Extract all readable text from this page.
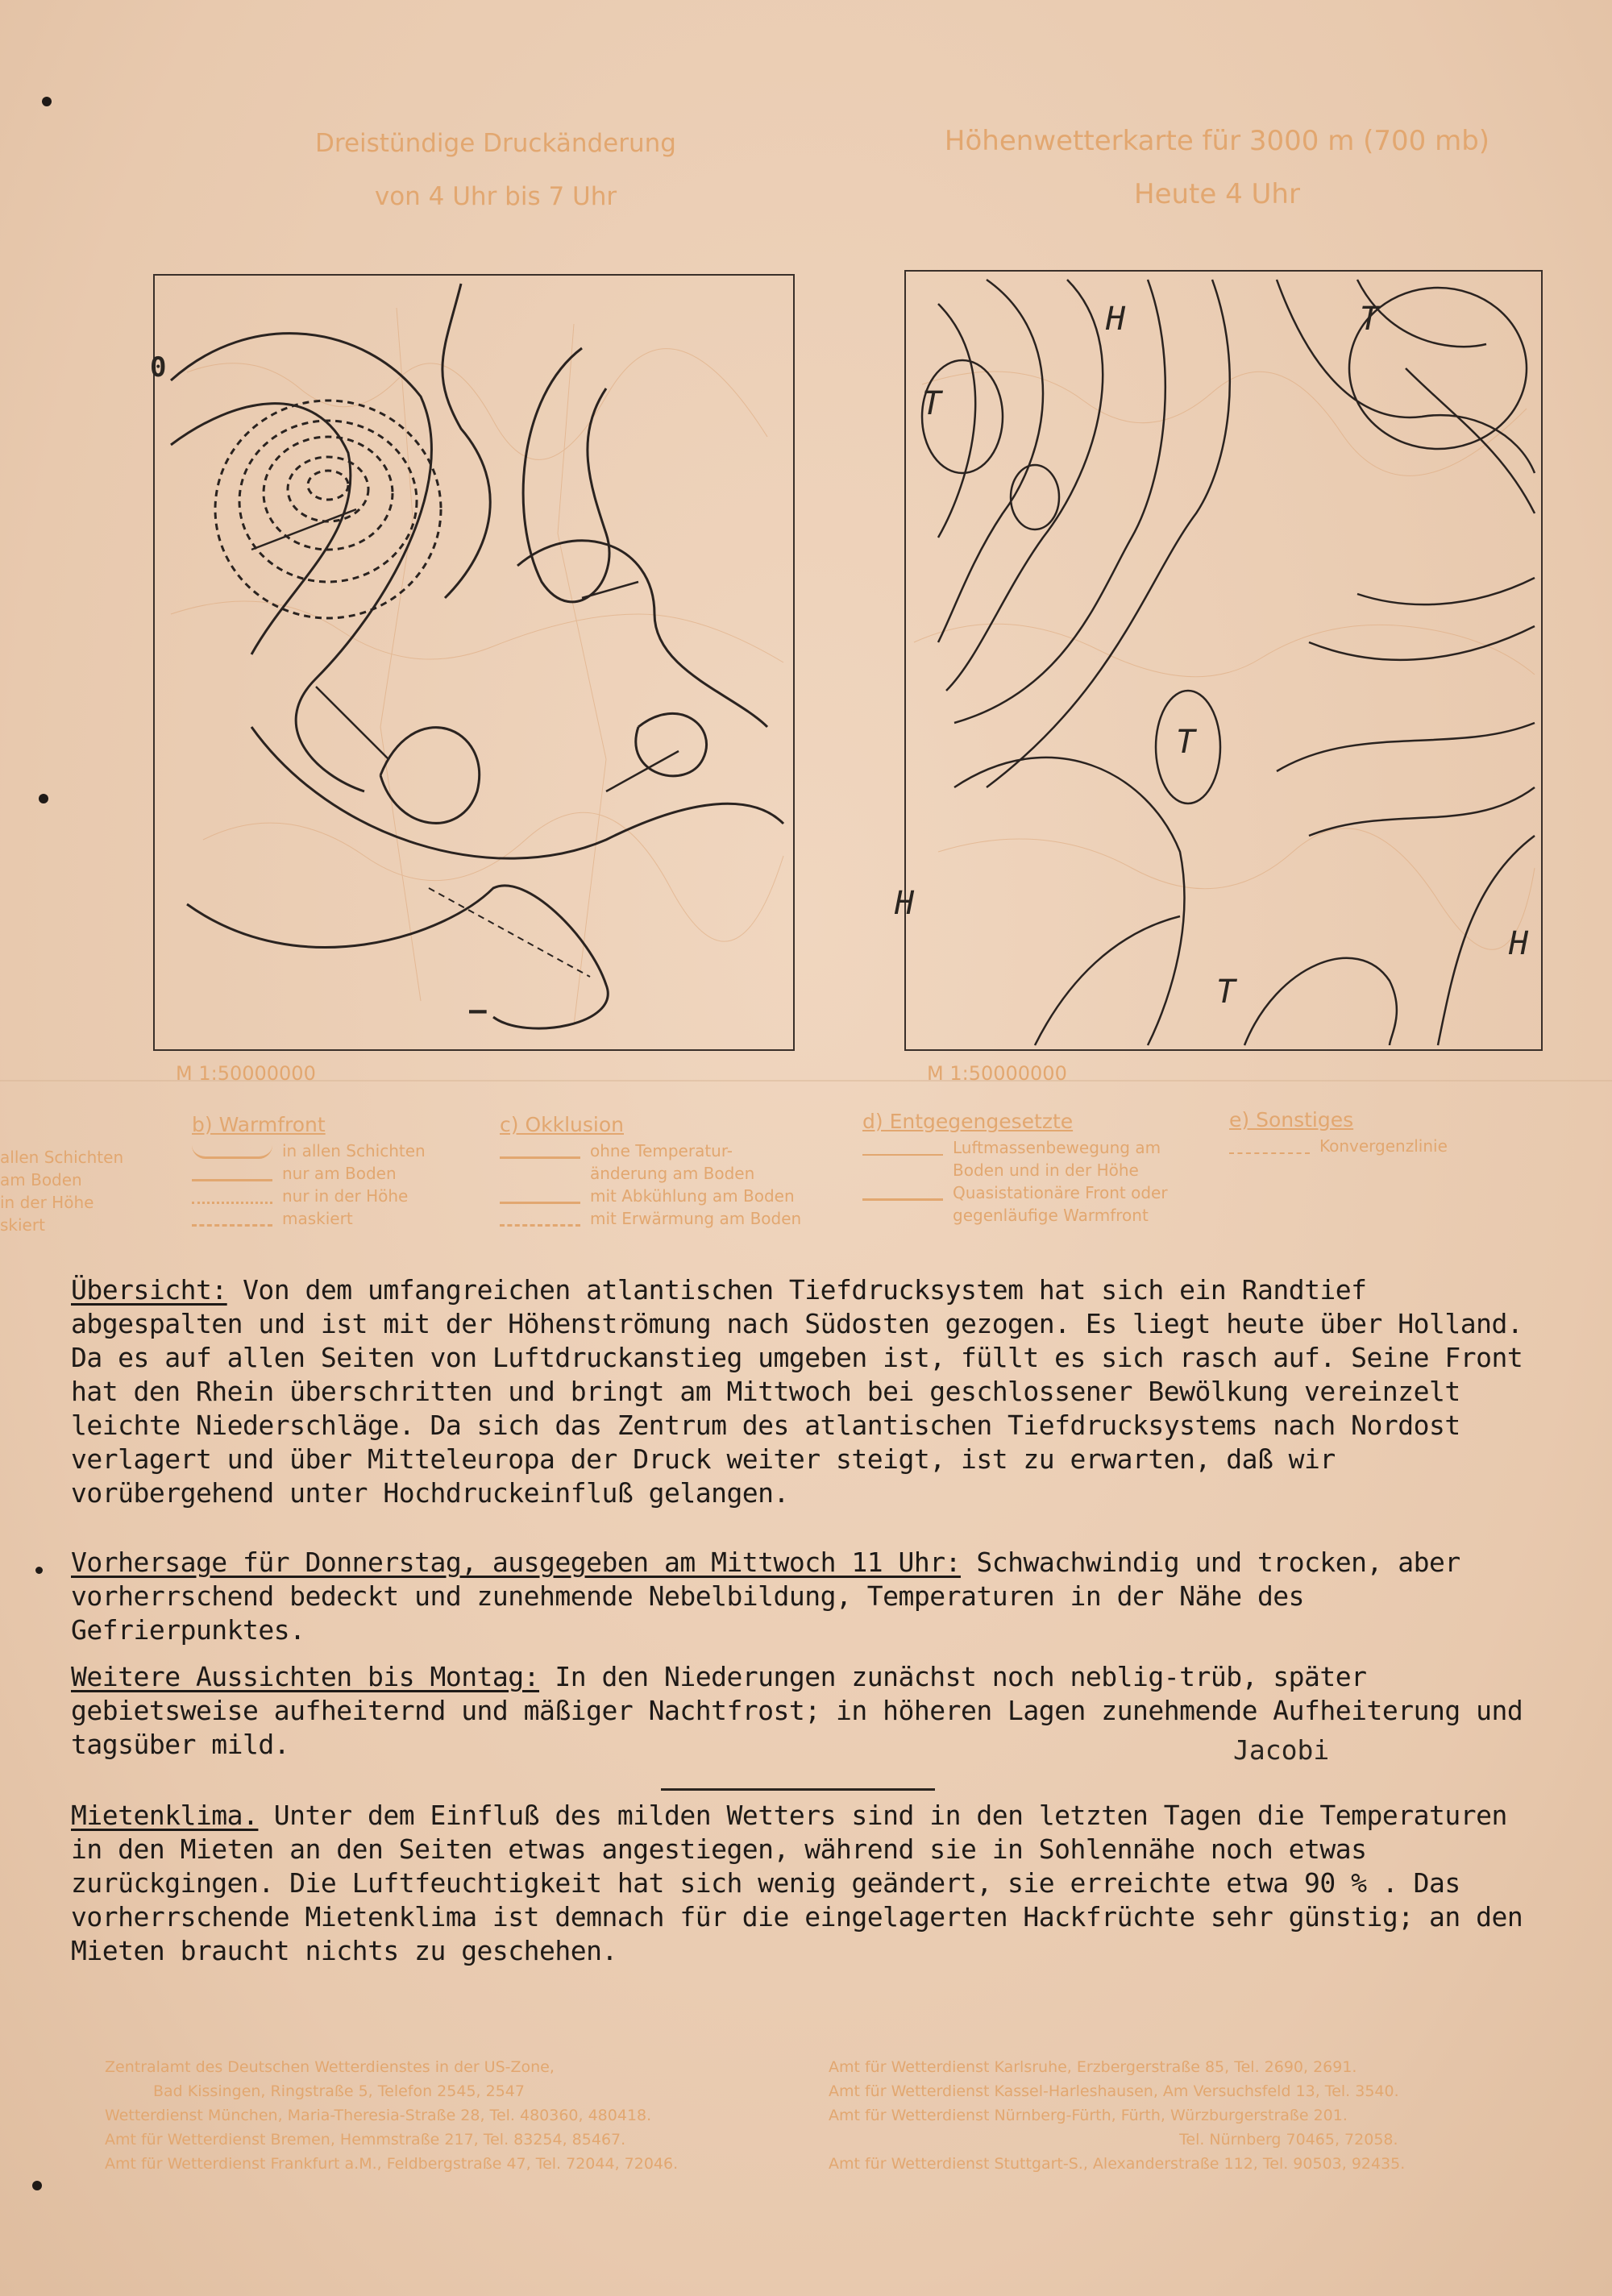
Dreistündige Druckänderung
von 4 Uhr bis 7 Uhr
Höhenwetterkarte für 3000 m (700 mb)
Heute 4 Uhr
0
–
M 1:50000000
H	T
T
T
T
H
H
M 1:50000000
allen Schichten
am Boden
in der Höhe
skiert
b) Warmfront
in allen Schichten
nur am Boden
nur in der Höhe
maskiert
c) Okklusion
ohne Temperatur-
änderung am Boden
mit Abkühlung am Boden
mit Erwärmung am Boden
d) Entgegengesetzte
Luftmassenbewegung am
Boden und in der Höhe
Quasistationäre Front oder
gegenläufige Warmfront
e) Sonstiges
Konvergenzlinie
Übersicht: Von dem umfangreichen atlantischen Tiefdrucksystem hat sich ein Randtief abgespalten und ist mit der Höhenströmung nach Südosten gezogen. Es liegt heute über Holland. Da es auf allen Seiten von Luftdruckanstieg umgeben ist, füllt es sich rasch auf. Seine Front hat den Rhein überschritten und bringt am Mittwoch bei geschlossener Bewölkung vereinzelt leichte Niederschläge. Da sich das Zentrum des atlantischen Tiefdrucksystems nach Nordost verlagert und über Mitteleuropa der Druck weiter steigt, ist zu erwarten, daß wir vorübergehend unter Hochdruckeinfluß gelangen.
Vorhersage für Donnerstag, ausgegeben am Mittwoch 11 Uhr: Schwachwindig und trocken, aber vorherrschend bedeckt und zunehmende Nebelbildung, Temperaturen in der Nähe des Gefrierpunktes.
Weitere Aussichten bis Montag: In den Niederungen zunächst noch neblig-trüb, später gebietsweise aufheiternd und mäßiger Nachtfrost; in höheren Lagen zunehmende Aufheiterung und tagsüber mild.	Jacobi
Mietenklima. Unter dem Einfluß des milden Wetters sind in den letzten Tagen die Temperaturen in den Mieten an den Seiten etwas angestiegen, während sie in Sohlennähe noch etwas zurückgingen. Die Luftfeuchtigkeit hat sich wenig geändert, sie erreichte etwa 90 % . Das vorherrschende Mietenklima ist demnach für die eingelagerten Hackfrüchte sehr günstig; an den Mieten braucht nichts zu geschehen.
Zentralamt des Deutschen Wetterdienstes in der US-Zone,
Bad Kissingen, Ringstraße 5, Telefon 2545, 2547
Wetterdienst München, Maria-Theresia-Straße 28, Tel. 480360, 480418.
Amt für Wetterdienst Bremen, Hemmstraße 217, Tel. 83254, 85467.
Amt für Wetterdienst Frankfurt a.M., Feldbergstraße 47, Tel. 72044, 72046.
Amt für Wetterdienst Karlsruhe, Erzbergerstraße 85, Tel. 2690, 2691.
Amt für Wetterdienst Kassel-Harleshausen, Am Versuchsfeld 13, Tel. 3540.
Amt für Wetterdienst Nürnberg-Fürth, Fürth, Würzburgerstraße 201.
Tel. Nürnberg 70465, 72058.
Amt für Wetterdienst Stuttgart-S., Alexanderstraße 112, Tel. 90503, 92435.
